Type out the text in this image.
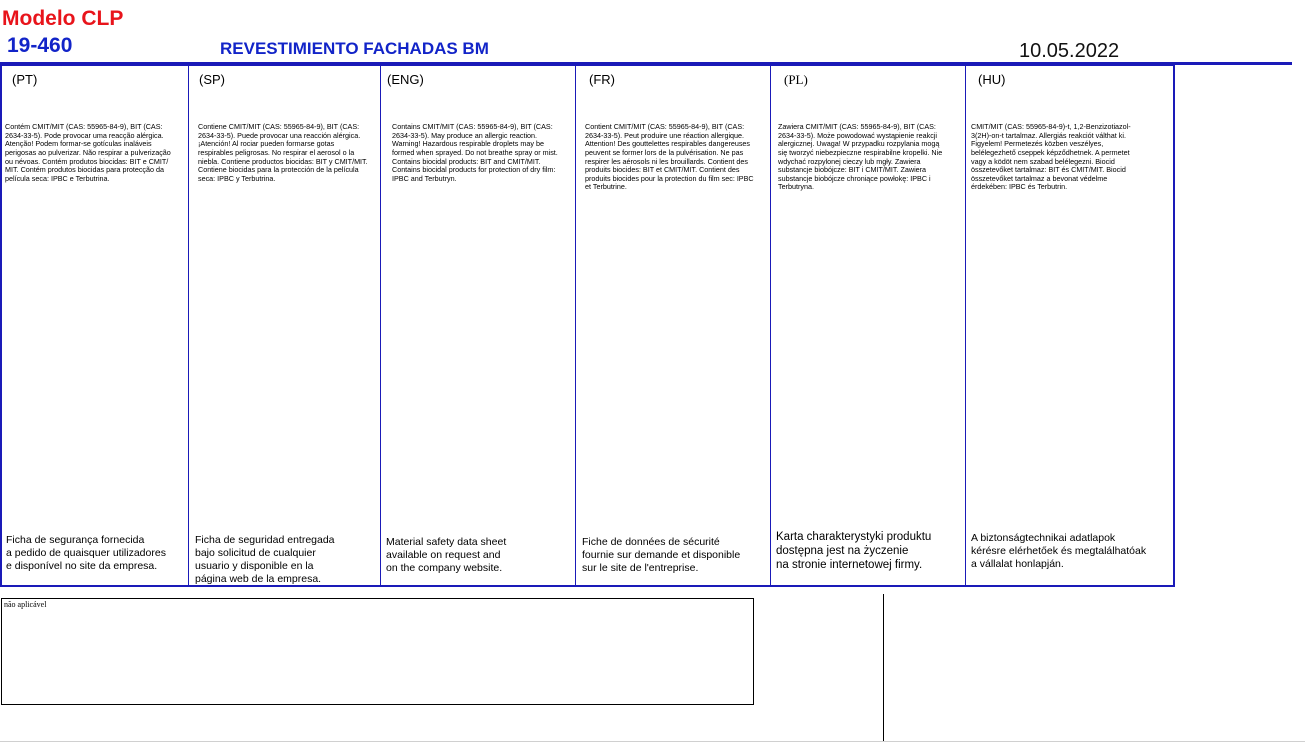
Modelo CLP
19-460	REVESTIMIENTO FACHADAS BM	10.05.2022
(PT)
Contém CMIT/MIT (CAS: 55965-84-9), BIT (CAS:
2634-33-5). Pode provocar uma reacção alérgica.
Atenção! Podem formar-se gotículas inaláveis
perigosas ao pulverizar. Não respirar a pulverização
ou névoas. Contém produtos biocidas: BIT e CMIT/
MIT. Contém produtos biocidas para protecção da
película seca: IPBC e Terbutrina.
Ficha de segurança fornecida
a pedido de quaisquer utilizadores
e disponível no site da empresa.
(SP)
Contiene CMIT/MIT (CAS: 55965-84-9), BIT (CAS:
2634-33-5). Puede provocar una reacción alérgica.
¡Atención! Al rociar pueden formarse gotas
respirables peligrosas. No respirar el aerosol o la
niebla. Contiene productos biocidas: BIT y CMIT/MIT.
Contiene biocidas para la protección de la película
seca: IPBC y Terbutrina.
Ficha de seguridad entregada
bajo solicitud de cualquier
usuario y disponible en la
página web de la empresa.
(ENG)
Contains CMIT/MIT (CAS: 55965-84-9), BIT (CAS:
2634-33-5). May produce an allergic reaction.
Warning! Hazardous respirable droplets may be
formed when sprayed. Do not breathe spray or mist.
Contains biocidal products: BIT and CMIT/MIT.
Contains biocidal products for protection of dry film:
IPBC and Terbutryn.
Material safety data sheet
available on request and
on the company website.
(FR)
Contient CMIT/MIT (CAS: 55965-84-9), BIT (CAS:
2634-33-5). Peut produire une réaction allergique.
Attention! Des gouttelettes respirables dangereuses
peuvent se former lors de la pulvérisation. Ne pas
respirer les aérosols ni les brouillards. Contient des
produits biocides: BIT et CMIT/MIT. Contient des
produits biocides pour la protection du film sec: IPBC
et Terbutrine.
Fiche de données de sécurité
fournie sur demande et disponible
sur le site de l'entreprise.
(PL)
Zawiera CMIT/MIT (CAS: 55965-84-9), BIT (CAS:
2634-33-5). Może powodować wystąpienie reakcji
alergicznej. Uwaga! W przypadku rozpylania mogą
się tworzyć niebezpieczne respirabilne kropelki. Nie
wdychać rozpylonej cieczy lub mgły. Zawiera
substancje biobójcze: BIT i CMIT/MIT. Zawiera
substancje biobójcze chroniące powłokę: IPBC i
Terbutryna.
Karta charakterystyki produktu
dostępna jest na życzenie
na stronie internetowej firmy.
(HU)
CMIT/MIT (CAS: 55965-84-9)-t, 1,2-Benzizotiazol-
3(2H)-on-t tartalmaz. Allergiás reakciót válthat ki.
Figyelem! Permetezés közben veszélyes,
belélegezhető cseppek képződhetnek. A permetet
vagy a ködöt nem szabad belélegezni. Biocid
összetevőket tartalmaz: BIT és CMIT/MIT. Biocid
összetevőket tartalmaz a bevonat védelme
érdekében: IPBC és Terbutrin.
A biztonságtechnikai adatlapok
kérésre elérhetőek és megtalálhatóak
a vállalat honlapján.
não aplicável
